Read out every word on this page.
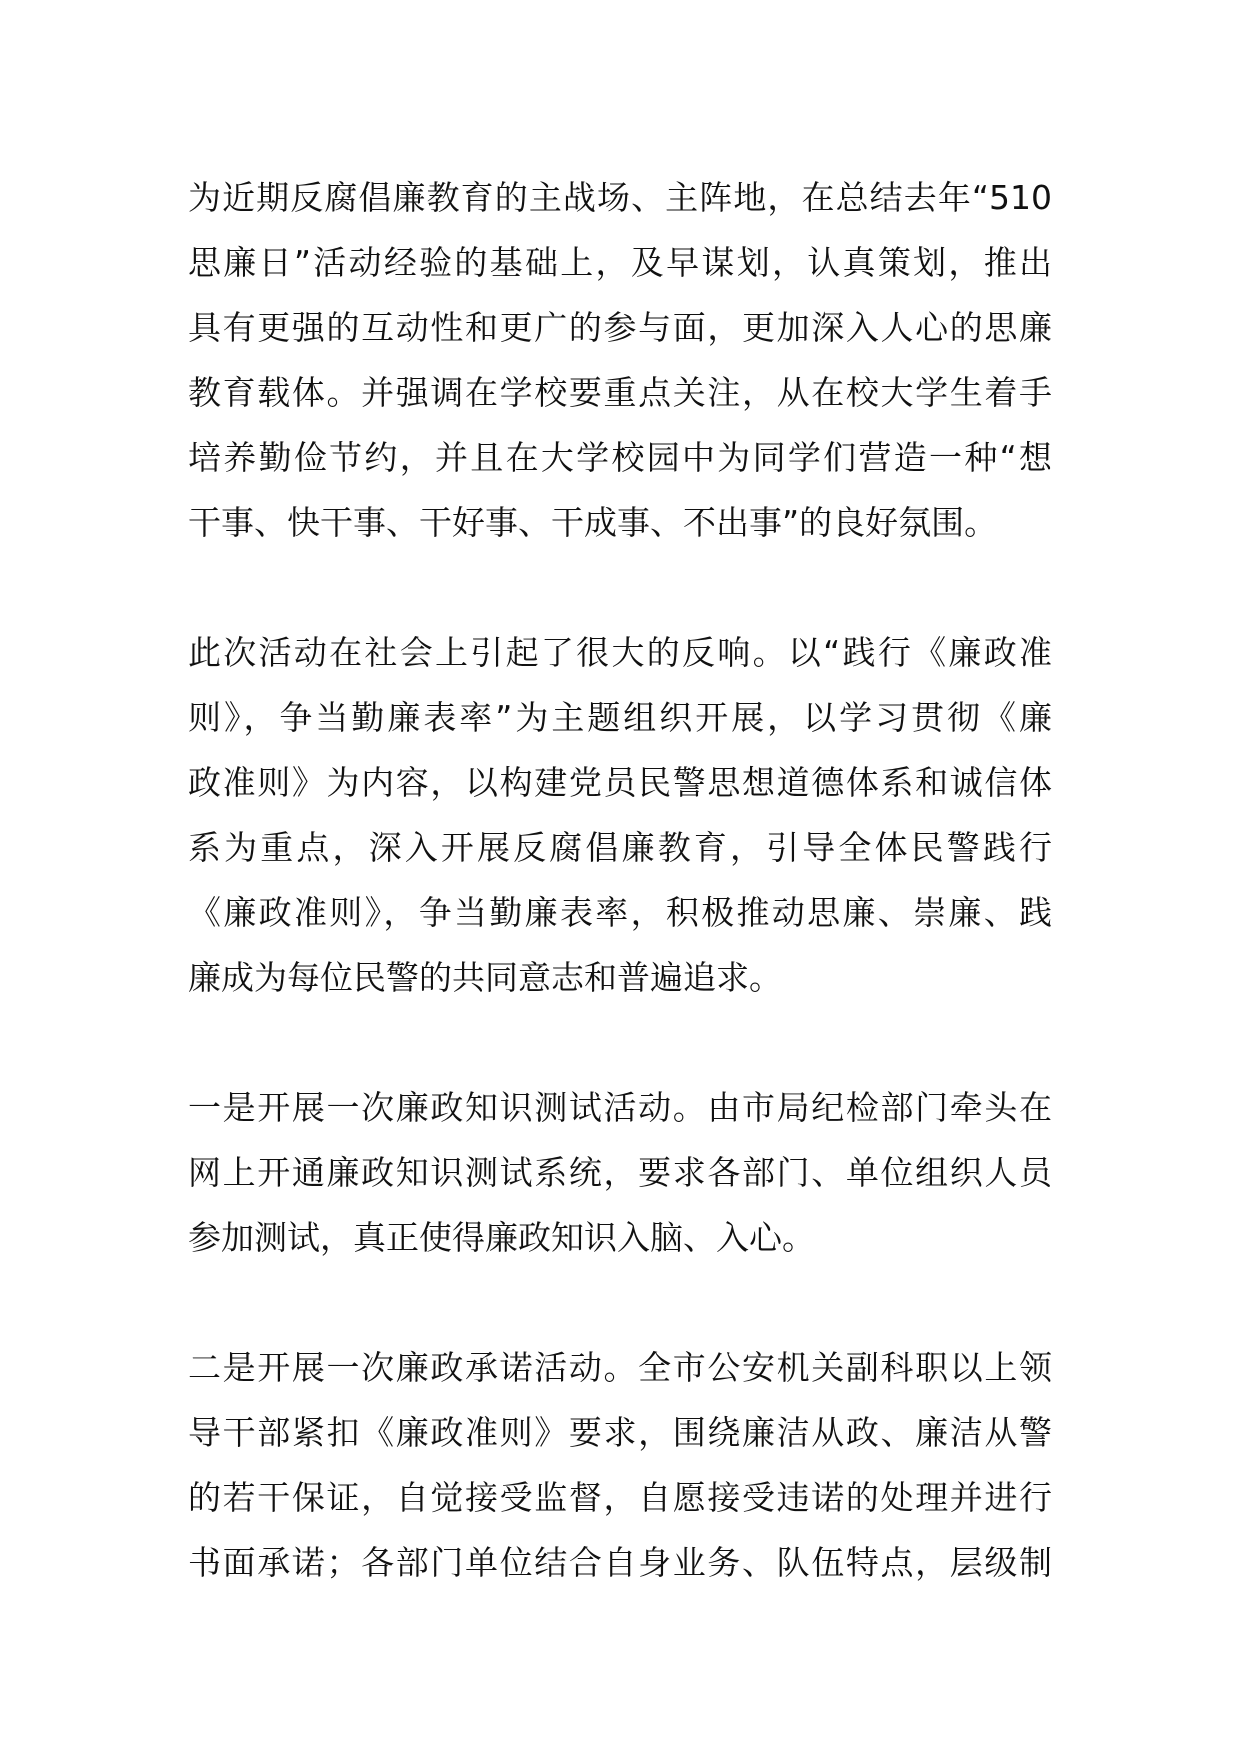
为近期反腐倡廉教育的主战场、主阵地，在总结去年“510
思廉日”活动经验的基础上，及早谋划，认真策划，推出
具有更强的互动性和更广的参与面，更加深入人心的思廉
教育载体。并强调在学校要重点关注，从在校大学生着手
培养勤俭节约，并且在大学校园中为同学们营造一种“想
干事、快干事、干好事、干成事、不出事”的良好氛围。
此次活动在社会上引起了很大的反响。以“践行《廉政准
则》，争当勤廉表率”为主题组织开展，以学习贯彻《廉
政准则》为内容，以构建党员民警思想道德体系和诚信体
系为重点，深入开展反腐倡廉教育，引导全体民警践行
《廉政准则》，争当勤廉表率，积极推动思廉、崇廉、践
廉成为每位民警的共同意志和普遍追求。
一是开展一次廉政知识测试活动。由市局纪检部门牵头在
网上开通廉政知识测试系统，要求各部门、单位组织人员
参加测试，真正使得廉政知识入脑、入心。
二是开展一次廉政承诺活动。全市公安机关副科职以上领
导干部紧扣《廉政准则》要求，围绕廉洁从政、廉洁从警
的若干保证，自觉接受监督，自愿接受违诺的处理并进行
书面承诺；各部门单位结合自身业务、队伍特点，层级制
